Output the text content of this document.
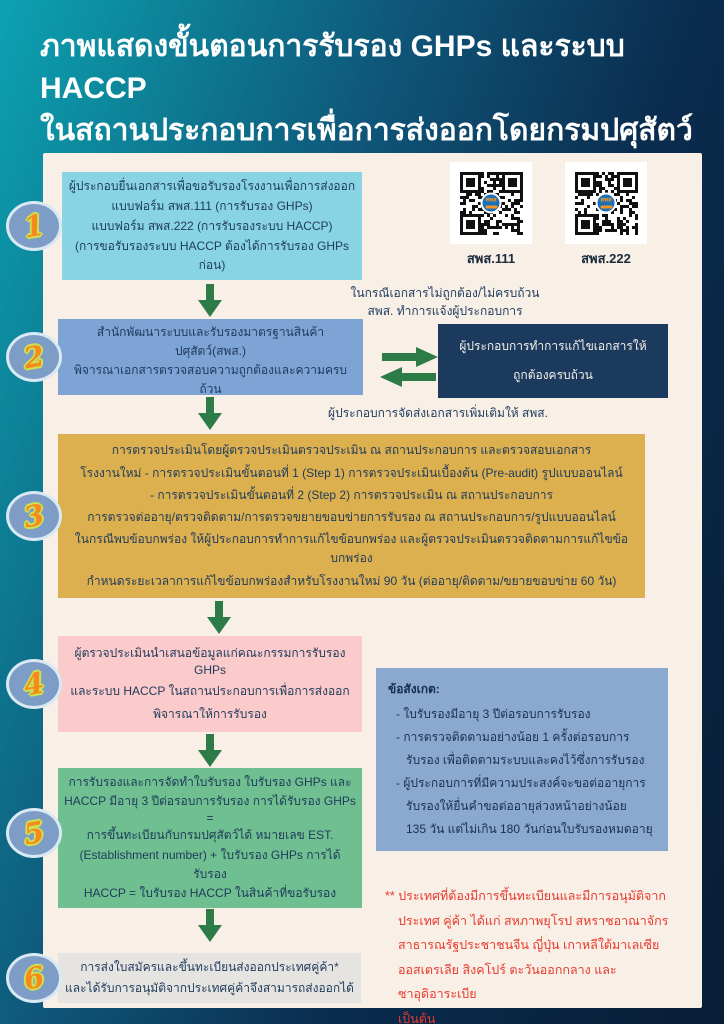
ภาพแสดงขั้นตอนการรับรอง GHPs และระบบ HACCP
ในสถานประกอบการเพื่อการส่งออกโดยกรมปศุสัตว์
ผู้ประกอบยื่นเอกสารเพื่อขอรับรองโรงงานเพื่อการส่งออก
แบบฟอร์ม สพส.111 (การรับรอง GHPs)
แบบฟอร์ม สพส.222 (การรับรองระบบ HACCP)
(การขอรับรองระบบ HACCP ต้องได้การรับรอง GHPs ก่อน)
สพส
สพส.111
สพส
สพส.222
ในกรณีเอกสารไม่ถูกต้อง/ไม่ครบถ้วน
สพส. ทำการแจ้งผู้ประกอบการ
สำนักพัฒนาระบบและรับรองมาตรฐานสินค้าปศุสัตว์(สพส.)
พิจารณาเอกสารตรวจสอบความถูกต้องและความครบถ้วน
ผู้ประกอบการทำการแก้ไขเอกสารให้
ถูกต้องครบถ้วน
ผู้ประกอบการจัดส่งเอกสารเพิ่มเติมให้ สพส.
การตรวจประเมินโดยผู้ตรวจประเมินตรวจประเมิน ณ สถานประกอบการ และตรวจสอบเอกสาร
โรงงานใหม่ - การตรวจประเมินขั้นตอนที่ 1 (Step 1) การตรวจประเมินเบื้องต้น (Pre-audit) รูปแบบออนไลน์
- การตรวจประเมินขั้นตอนที่ 2 (Step 2) การตรวจประเมิน ณ สถานประกอบการ
การตรวจต่ออายุ/ตรวจติดตาม/การตรวจขยายขอบข่ายการรับรอง ณ สถานประกอบการ/รูปแบบออนไลน์
ในกรณีพบข้อบกพร่อง ให้ผู้ประกอบการทำการแก้ไขข้อบกพร่อง และผู้ตรวจประเมินตรวจติดตามการแก้ไขข้อบกพร่อง
กำหนดระยะเวลาการแก้ไขข้อบกพร่องสำหรับโรงงานใหม่ 90 วัน (ต่ออายุ/ติดตาม/ขยายขอบข่าย 60 วัน)
ผู้ตรวจประเมินนำเสนอข้อมูลแก่คณะกรรมการรับรอง GHPs
และระบบ HACCP ในสถานประกอบการเพื่อการส่งออก
พิจารณาให้การรับรอง
ข้อสังเกต:
- ใบรับรองมีอายุ 3 ปีต่อรอบการรับรอง
- การตรวจติดตามอย่างน้อย 1 ครั้งต่อรอบการ
รับรอง เพื่อติดตามระบบและคงไว้ซึ่งการรับรอง
- ผู้ประกอบการที่มีความประสงค์จะขอต่ออายุการ
รับรองให้ยื่นคำขอต่ออายุล่วงหน้าอย่างน้อย
135 วัน แต่ไม่เกิน 180 วันก่อนใบรับรองหมดอายุ
การรับรองและการจัดทำใบรับรอง ใบรับรอง GHPs และ
HACCP มีอายุ 3 ปีต่อรอบการรับรอง การได้รับรอง GHPs =
การขึ้นทะเบียนกับกรมปศุสัตว์ได้ หมายเลข EST.
(Establishment number) + ใบรับรอง GHPs การได้รับรอง
HACCP = ใบรับรอง HACCP ในสินค้าที่ขอรับรอง
การส่งใบสมัครและขึ้นทะเบียนส่งออกประเทศคู่ค้า*
และได้รับการอนุมัติจากประเทศคู่ค้าจึงสามารถส่งออกได้
** ประเทศที่ต้องมีการขึ้นทะเบียนและมีการอนุมัติจาก
ประเทศ คู่ค้า ได้แก่ สหภาพยุโรป สหราชอาณาจักร
สาธารณรัฐประชาชนจีน ญี่ปุ่น เกาหลีใต้มาเลเซีย
ออสเตรเลีย สิงคโปร์ ตะวันออกกลาง และ ซาอุดิอาระเบีย
เป็นต้น
1
2
3
4
5
6
